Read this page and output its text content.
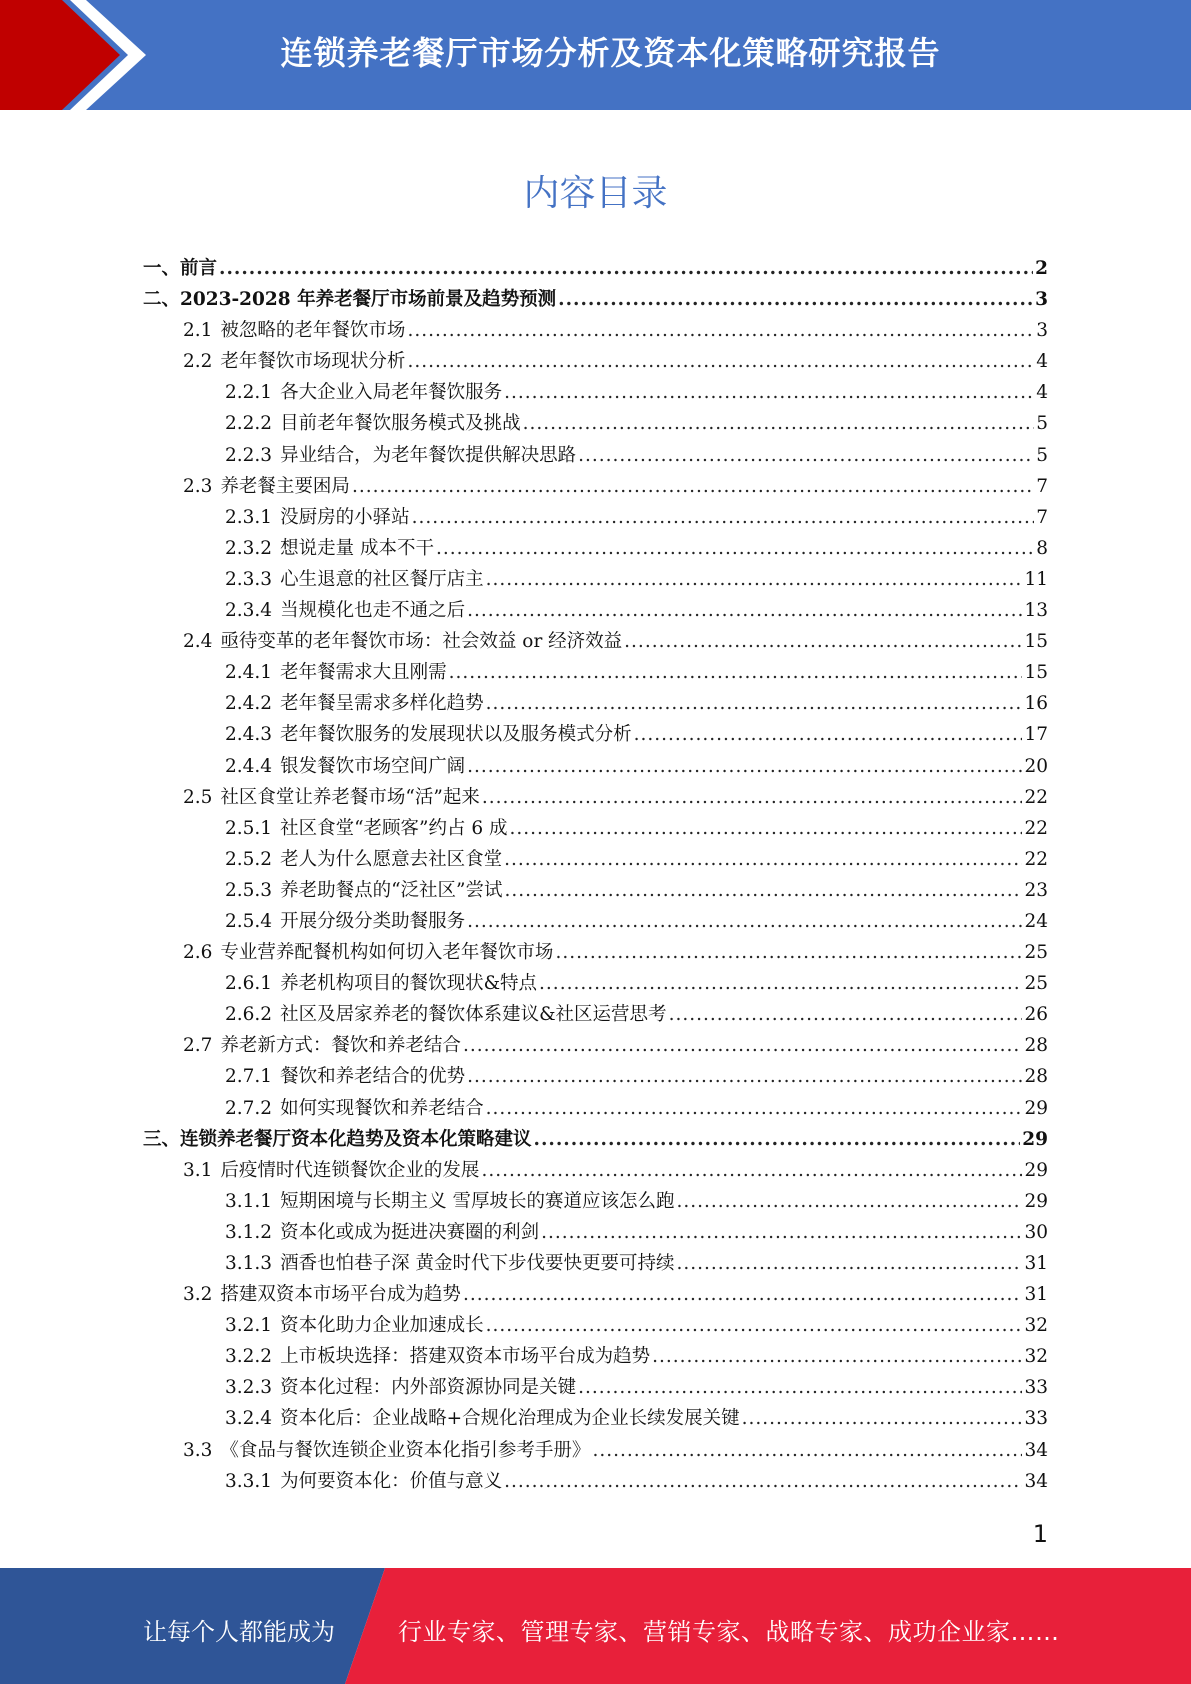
连锁养老餐厅市场分析及资本化策略研究报告
内容目录
一、 前言 .....	2
二、 2023-2028 年养老餐厅市场前景及趋势预测 .....	3
2.1 被忽略的老年餐饮市场 .....	3
2.2 老年餐饮市场现状分析 .....	4
2.2.1 各大企业入局老年餐饮服务 .....	4
2.2.2 目前老年餐饮服务模式及挑战 .....	5
2.2.3 异业结合，为老年餐饮提供解决思路 .....	5
2.3 养老餐主要困局 .....	7
2.3.1 没厨房的小驿站 .....	7
2.3.2 想说走量 成本不干 .....	8
2.3.3 心生退意的社区餐厅店主 .....	11
2.3.4 当规模化也走不通之后 .....	13
2.4 亟待变革的老年餐饮市场：社会效益 or 经济效益 .....	15
2.4.1 老年餐需求大且刚需 .....	15
2.4.2 老年餐呈需求多样化趋势 .....	16
2.4.3 老年餐饮服务的发展现状以及服务模式分析 .....	17
2.4.4 银发餐饮市场空间广阔 .....	20
2.5 社区食堂让养老餐市场“活”起来 .....	22
2.5.1 社区食堂“老顾客”约占 6 成 .....	22
2.5.2 老人为什么愿意去社区食堂 .....	22
2.5.3 养老助餐点的“泛社区”尝试 .....	23
2.5.4 开展分级分类助餐服务 .....	24
2.6 专业营养配餐机构如何切入老年餐饮市场 .....	25
2.6.1 养老机构项目的餐饮现状&特点 .....	25
2.6.2 社区及居家养老的餐饮体系建议&社区运营思考 .....	26
2.7 养老新方式：餐饮和养老结合 .....	28
2.7.1 餐饮和养老结合的优势 .....	28
2.7.2 如何实现餐饮和养老结合 .....	29
三、 连锁养老餐厅资本化趋势及资本化策略建议 .....	29
3.1 后疫情时代连锁餐饮企业的发展 .....	29
3.1.1 短期困境与长期主义 雪厚坡长的赛道应该怎么跑 .....	29
3.1.2 资本化或成为挺进决赛圈的利剑 .....	30
3.1.3 酒香也怕巷子深 黄金时代下步伐要快更要可持续 .....	31
3.2 搭建双资本市场平台成为趋势 .....	31
3.2.1 资本化助力企业加速成长 .....	32
3.2.2 上市板块选择：搭建双资本市场平台成为趋势 .....	32
3.2.3 资本化过程：内外部资源协同是关键 .....	33
3.2.4 资本化后：企业战略+合规化治理成为企业长续发展关键 .....	33
3.3 《食品与餐饮连锁企业资本化指引参考手册》 .....	34
3.3.1 为何要资本化：价值与意义 .....	34
1
让每个人都能成为	行业专家、管理专家、营销专家、战略专家、成功企业家……
